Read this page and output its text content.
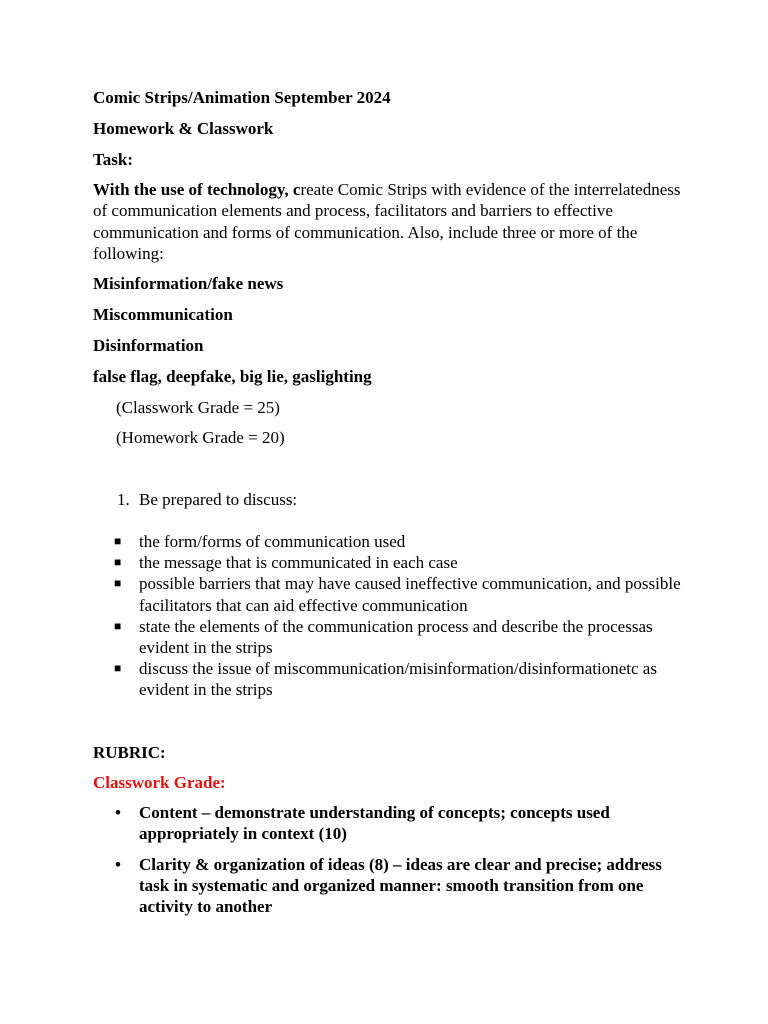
Comic Strips/Animation September 2024
Homework & Classwork
Task:
With the use of technology, create Comic Strips with evidence of the interrelatedness of communication elements and process, facilitators and barriers to effective communication and forms of communication. Also, include three or more of the following:
Misinformation/fake news
Miscommunication
Disinformation
false flag, deepfake, big lie, gaslighting
(Classwork Grade = 25)
(Homework Grade = 20)
1. Be prepared to discuss:
■ the form/forms of communication used
■ the message that is communicated in each case
■ possible barriers that may have caused ineffective communication, and possible facilitators that can aid effective communication
■ state the elements of the communication process and describe the processas evident in the strips
■ discuss the issue of miscommunication/misinformation/disinformationetc as evident in the strips
RUBRIC:
Classwork Grade:
• Content – demonstrate understanding of concepts; concepts used appropriately in context (10)
• Clarity & organization of ideas (8) – ideas are clear and precise; address task in systematic and organized manner: smooth transition from one activity to another
